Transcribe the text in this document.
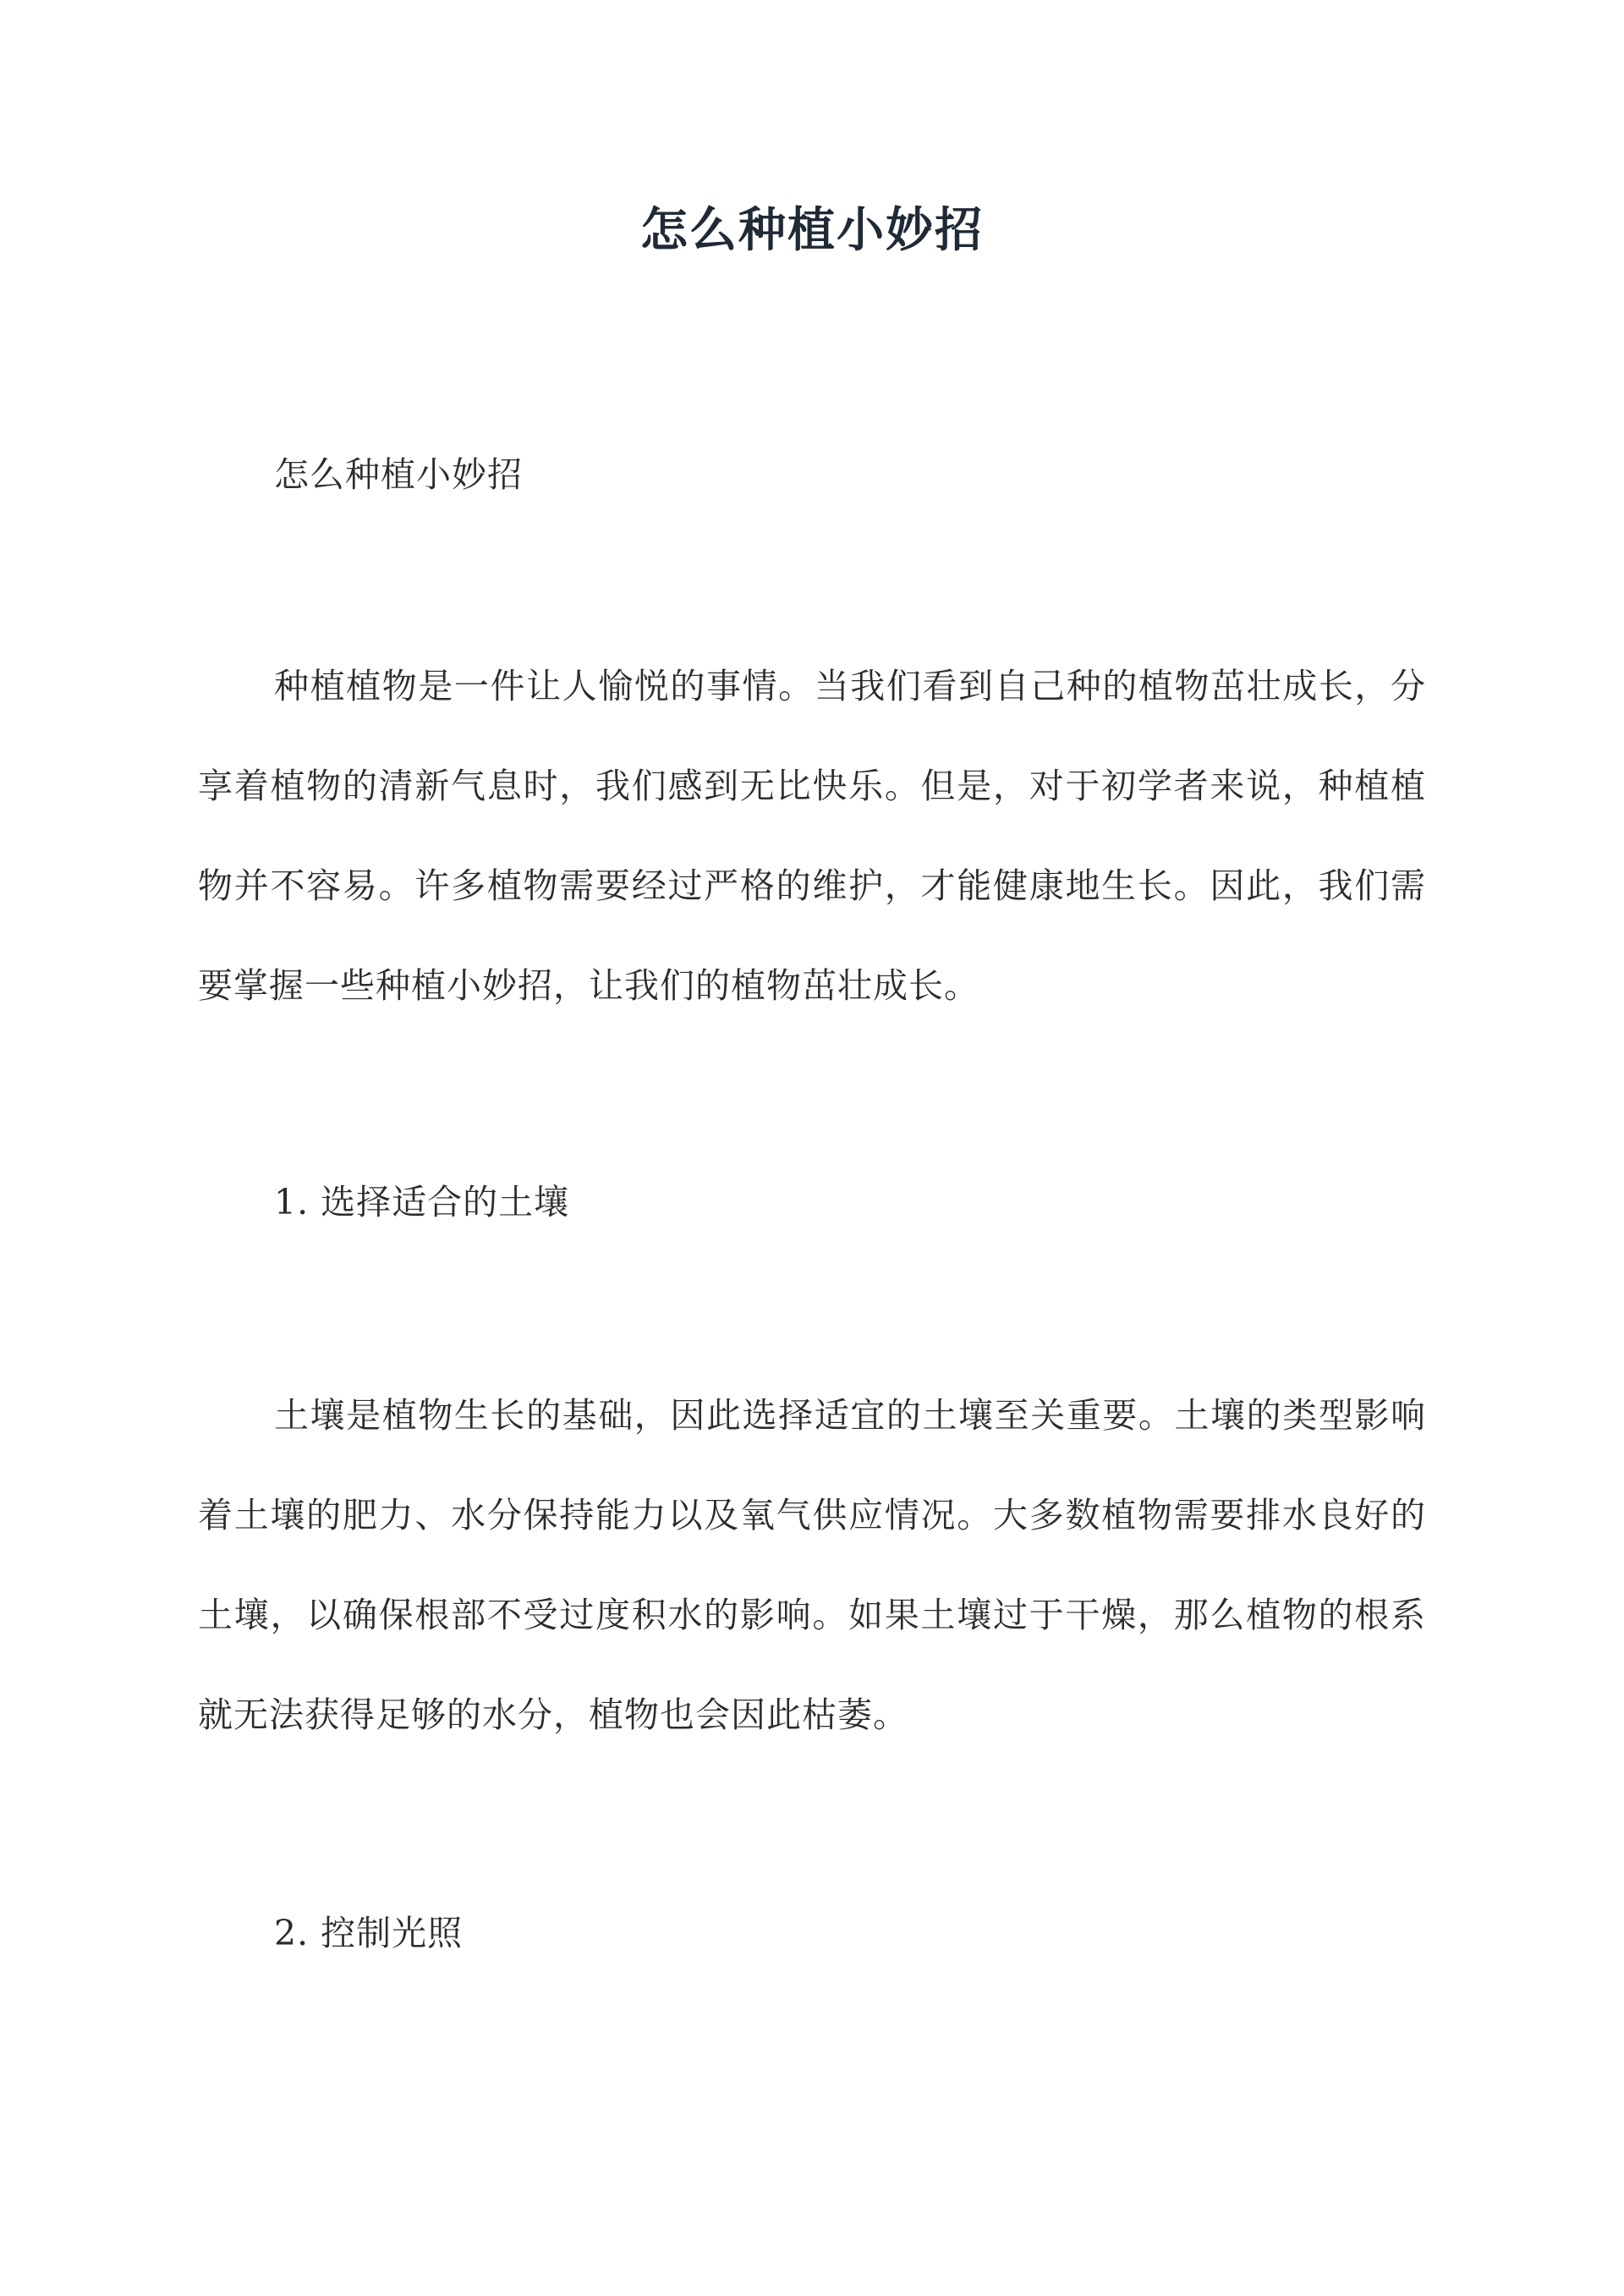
怎么种植小妙招

怎么种植小妙招

种植植物是一件让人愉悦的事情。当我们看到自己种的植物茁壮成长，分享着植物的清新气息时，我们感到无比快乐。但是，对于初学者来说，种植植物并不容易。许多植物需要经过严格的维护，才能健康地生长。因此，我们需要掌握一些种植小妙招，让我们的植物茁壮成长。

1. 选择适合的土壤

土壤是植物生长的基础，因此选择适宜的土壤至关重要。土壤的类型影响着土壤的肥力、水分保持能力以及氧气供应情况。大多数植物需要排水良好的土壤，以确保根部不受过度积水的影响。如果土壤过于干燥，那么植物的根系就无法获得足够的水分，植物也会因此枯萎。

2. 控制光照
